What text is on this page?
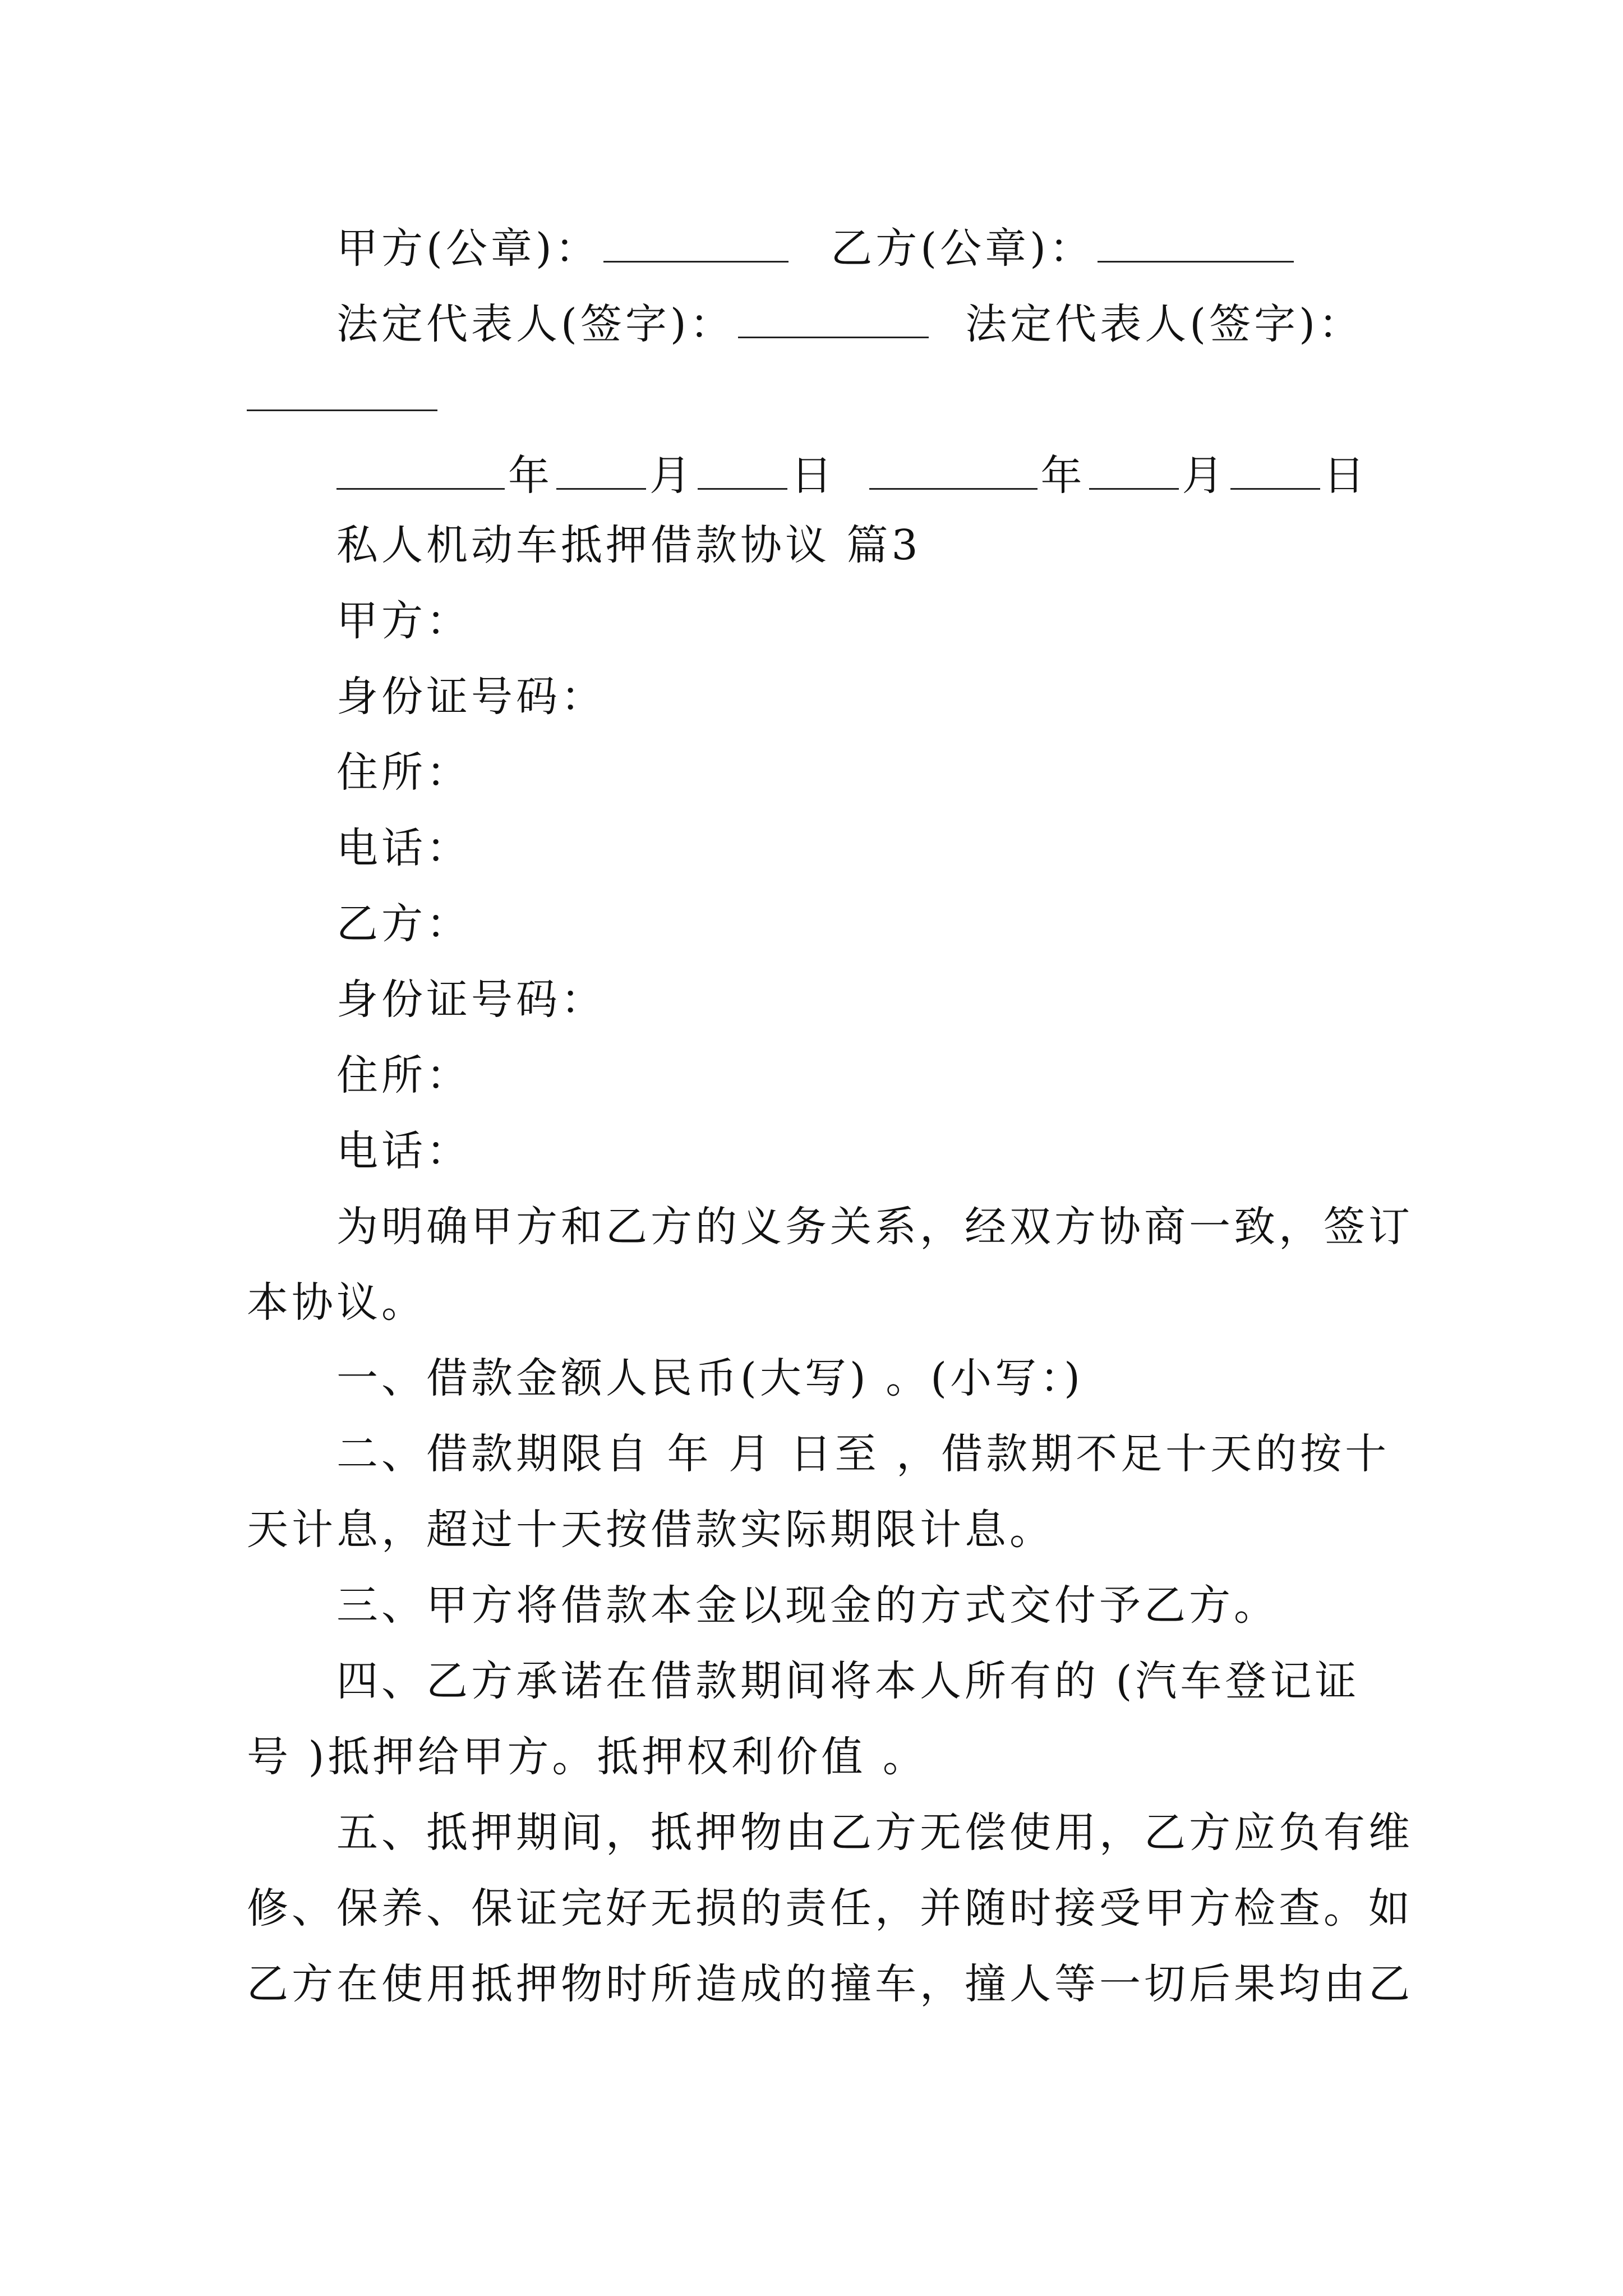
甲方(公章)：	乙方(公章)：
法定代表人(签字)：	法定代表人(签字)：
年 月 日	年 月 日
私人机动车抵押借款协议 篇3
甲方：
身份证号码：
住所：
电话：
乙方：
身份证号码：
住所：
电话：
为明确甲方和乙方的义务关系，经双方协商一致，签订
本协议。
一、借款金额人民币(大写) 。(小写：)
二、借款期限自 年 月 日至 ，借款期不足十天的按十
天计息，超过十天按借款实际期限计息。
三、甲方将借款本金以现金的方式交付予乙方。
四、乙方承诺在借款期间将本人所有的 (汽车登记证
号 )抵押给甲方。抵押权利价值 。
五、抵押期间，抵押物由乙方无偿使用，乙方应负有维
修、保养、保证完好无损的责任，并随时接受甲方检查。如
乙方在使用抵押物时所造成的撞车，撞人等一切后果均由乙
